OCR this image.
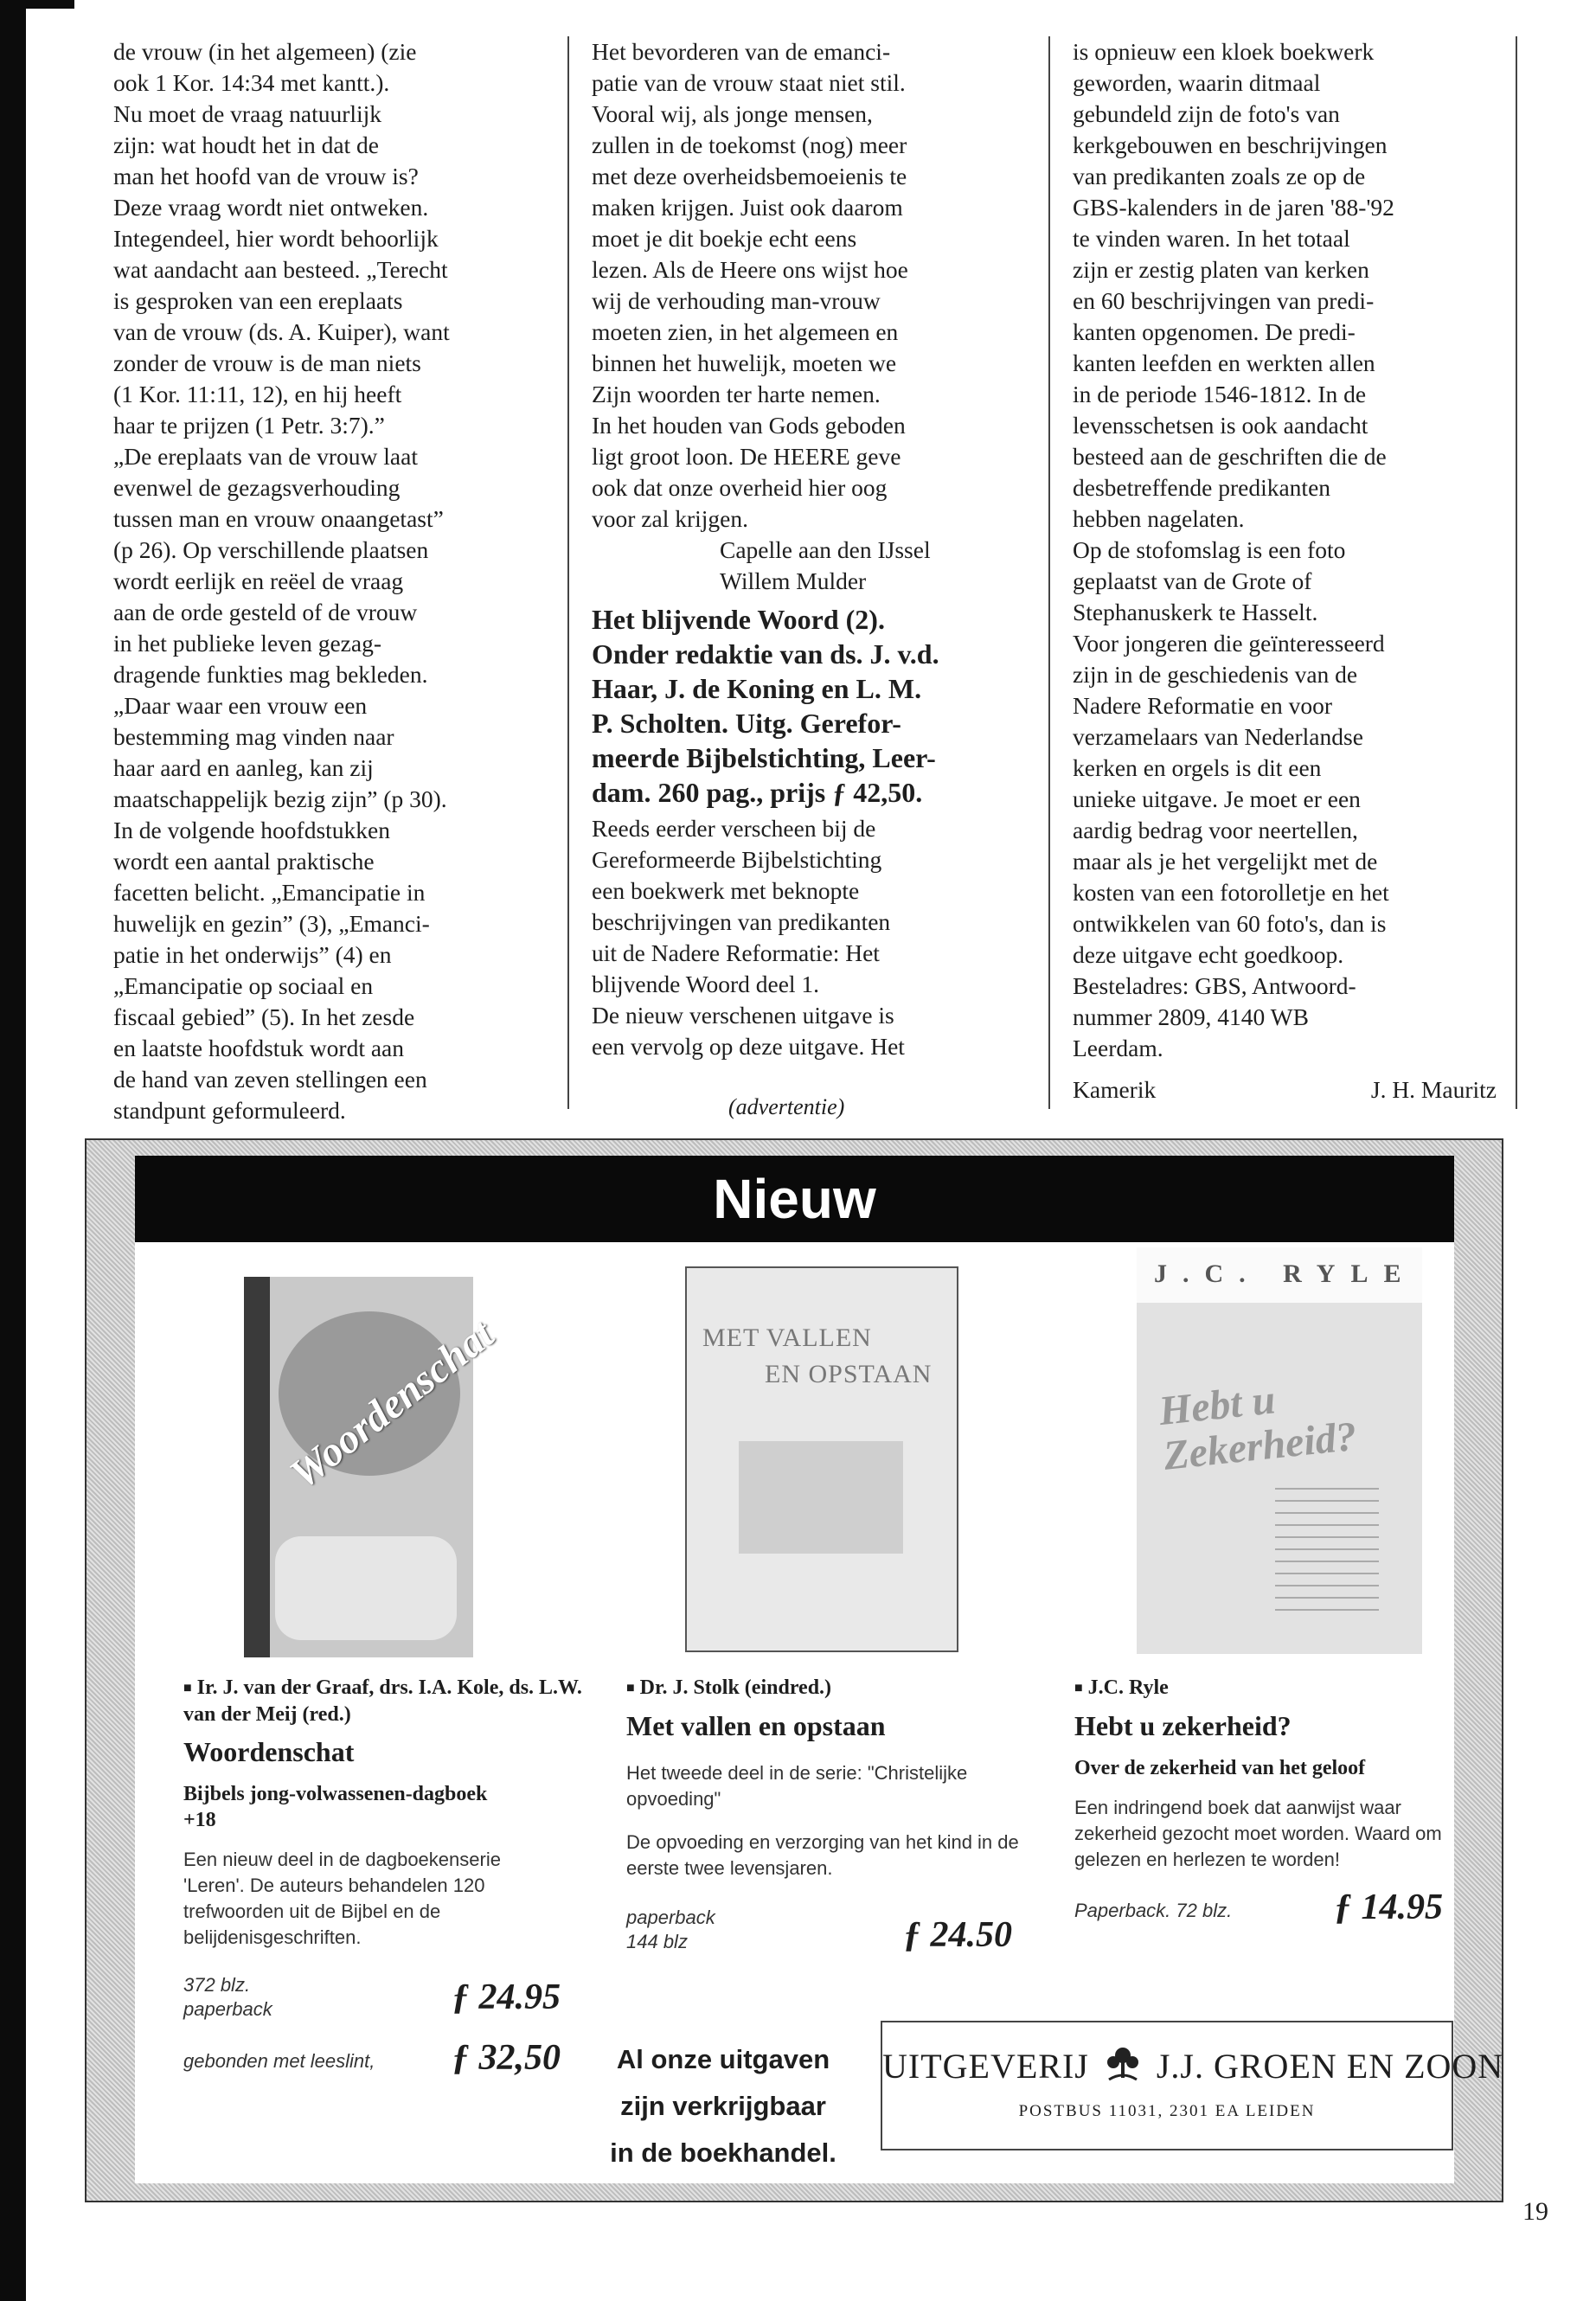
de vrouw (in het algemeen) (zie

ook 1 Kor. 14:34 met kantt.).

Nu moet de vraag natuurlijk

zijn: wat houdt het in dat de

man het hoofd van de vrouw is?

Deze vraag wordt niet ontweken.

Integendeel, hier wordt behoorlijk

wat aandacht aan besteed. „Terecht

is gesproken van een ereplaats

van de vrouw (ds. A. Kuiper), want

zonder de vrouw is de man niets

(1 Kor. 11:11, 12), en hij heeft

haar te prijzen (1 Petr. 3:7).”

„De ereplaats van de vrouw laat

evenwel de gezagsverhouding

tussen man en vrouw onaangetast”

(p 26). Op verschillende plaatsen

wordt eerlijk en reëel de vraag

aan de orde gesteld of de vrouw

in het publieke leven gezag-

dragende funkties mag bekleden.

„Daar waar een vrouw een

bestemming mag vinden naar

haar aard en aanleg, kan zij

maatschappelijk bezig zijn” (p 30).

In de volgende hoofdstukken

wordt een aantal praktische

facetten belicht. „Emancipatie in

huwelijk en gezin” (3), „Emanci-

patie in het onderwijs” (4) en

„Emancipatie op sociaal en

fiscaal gebied” (5). In het zesde

en laatste hoofdstuk wordt aan

de hand van zeven stellingen een

standpunt geformuleerd.

Het bevorderen van de emanci-

patie van de vrouw staat niet stil.

Vooral wij, als jonge mensen,

zullen in de toekomst (nog) meer

met deze overheidsbemoeienis te

maken krijgen. Juist ook daarom

moet je dit boekje echt eens

lezen. Als de Heere ons wijst hoe

wij de verhouding man-vrouw

moeten zien, in het algemeen en

binnen het huwelijk, moeten we

Zijn woorden ter harte nemen.

In het houden van Gods geboden

ligt groot loon. De HEERE geve

ook dat onze overheid hier oog

voor zal krijgen.

Capelle aan den IJssel

Willem Mulder

Het blijvende Woord (2).

Onder redaktie van ds. J. v.d.

Haar, J. de Koning en L. M.

P. Scholten. Uitg. Gerefor-

meerde Bijbelstichting, Leer-

dam. 260 pag., prijs ƒ 42,50.

Reeds eerder verscheen bij de

Gereformeerde Bijbelstichting

een boekwerk met beknopte

beschrijvingen van predikanten

uit de Nadere Reformatie: Het

blijvende Woord deel 1.

De nieuw verschenen uitgave is

een vervolg op deze uitgave. Het

is opnieuw een kloek boekwerk

geworden, waarin ditmaal

gebundeld zijn de foto's van

kerkgebouwen en beschrijvingen

van predikanten zoals ze op de

GBS-kalenders in de jaren '88-'92

te vinden waren. In het totaal

zijn er zestig platen van kerken

en 60 beschrijvingen van predi-

kanten opgenomen. De predi-

kanten leefden en werkten allen

in de periode 1546-1812. In de

levensschetsen is ook aandacht

besteed aan de geschriften die de

desbetreffende predikanten

hebben nagelaten.

Op de stofomslag is een foto

geplaatst van de Grote of

Stephanuskerk te Hasselt.

Voor jongeren die geïnteresseerd

zijn in de geschiedenis van de

Nadere Reformatie en voor

verzamelaars van Nederlandse

kerken en orgels is dit een

unieke uitgave. Je moet er een

aardig bedrag voor neertellen,

maar als je het vergelijkt met de

kosten van een fotorolletje en het

ontwikkelen van 60 foto's, dan is

deze uitgave echt goedkoop.

Besteladres: GBS, Antwoord-

nummer 2809, 4140 WB

Leerdam.

Kamerik	J. H. Mauritz
(advertentie)
Nieuw
Woordenschat	MET VALLEN
EN OPSTAAN
J.C. RYLE
Hebt u Zekerheid?
■ Ir. J. van der Graaf, drs. I.A. Kole, ds. L.W. van der Meij (red.)
Woordenschat
Bijbels jong-volwassenen-dagboek +18
Een nieuw deel in de dagboekenserie 'Leren'. De auteurs behandelen 120 trefwoorden uit de Bijbel en de belijdenisgeschriften.
372 blz.
paperback	ƒ 24.95
gebonden met leeslint, ƒ 32,50
■ Dr. J. Stolk (eindred.)
Met vallen en opstaan
Het tweede deel in de serie: "Christelijke opvoeding"
De opvoeding en verzorging van het kind in de eerste twee levensjaren.
paperback
144 blz	ƒ 24.50
■ J.C. Ryle
Hebt u zekerheid?
Over de zekerheid van het geloof
Een indringend boek dat aanwijst waar zekerheid gezocht moet worden. Waard om gelezen en herlezen te worden!
Paperback. 72 blz.	ƒ 14.95
Al onze uitgaven
zijn verkrijgbaar
in de boekhandel.
UITGEVERIJ J.J. GROEN EN ZOON
POSTBUS 11031, 2301 EA LEIDEN
19
